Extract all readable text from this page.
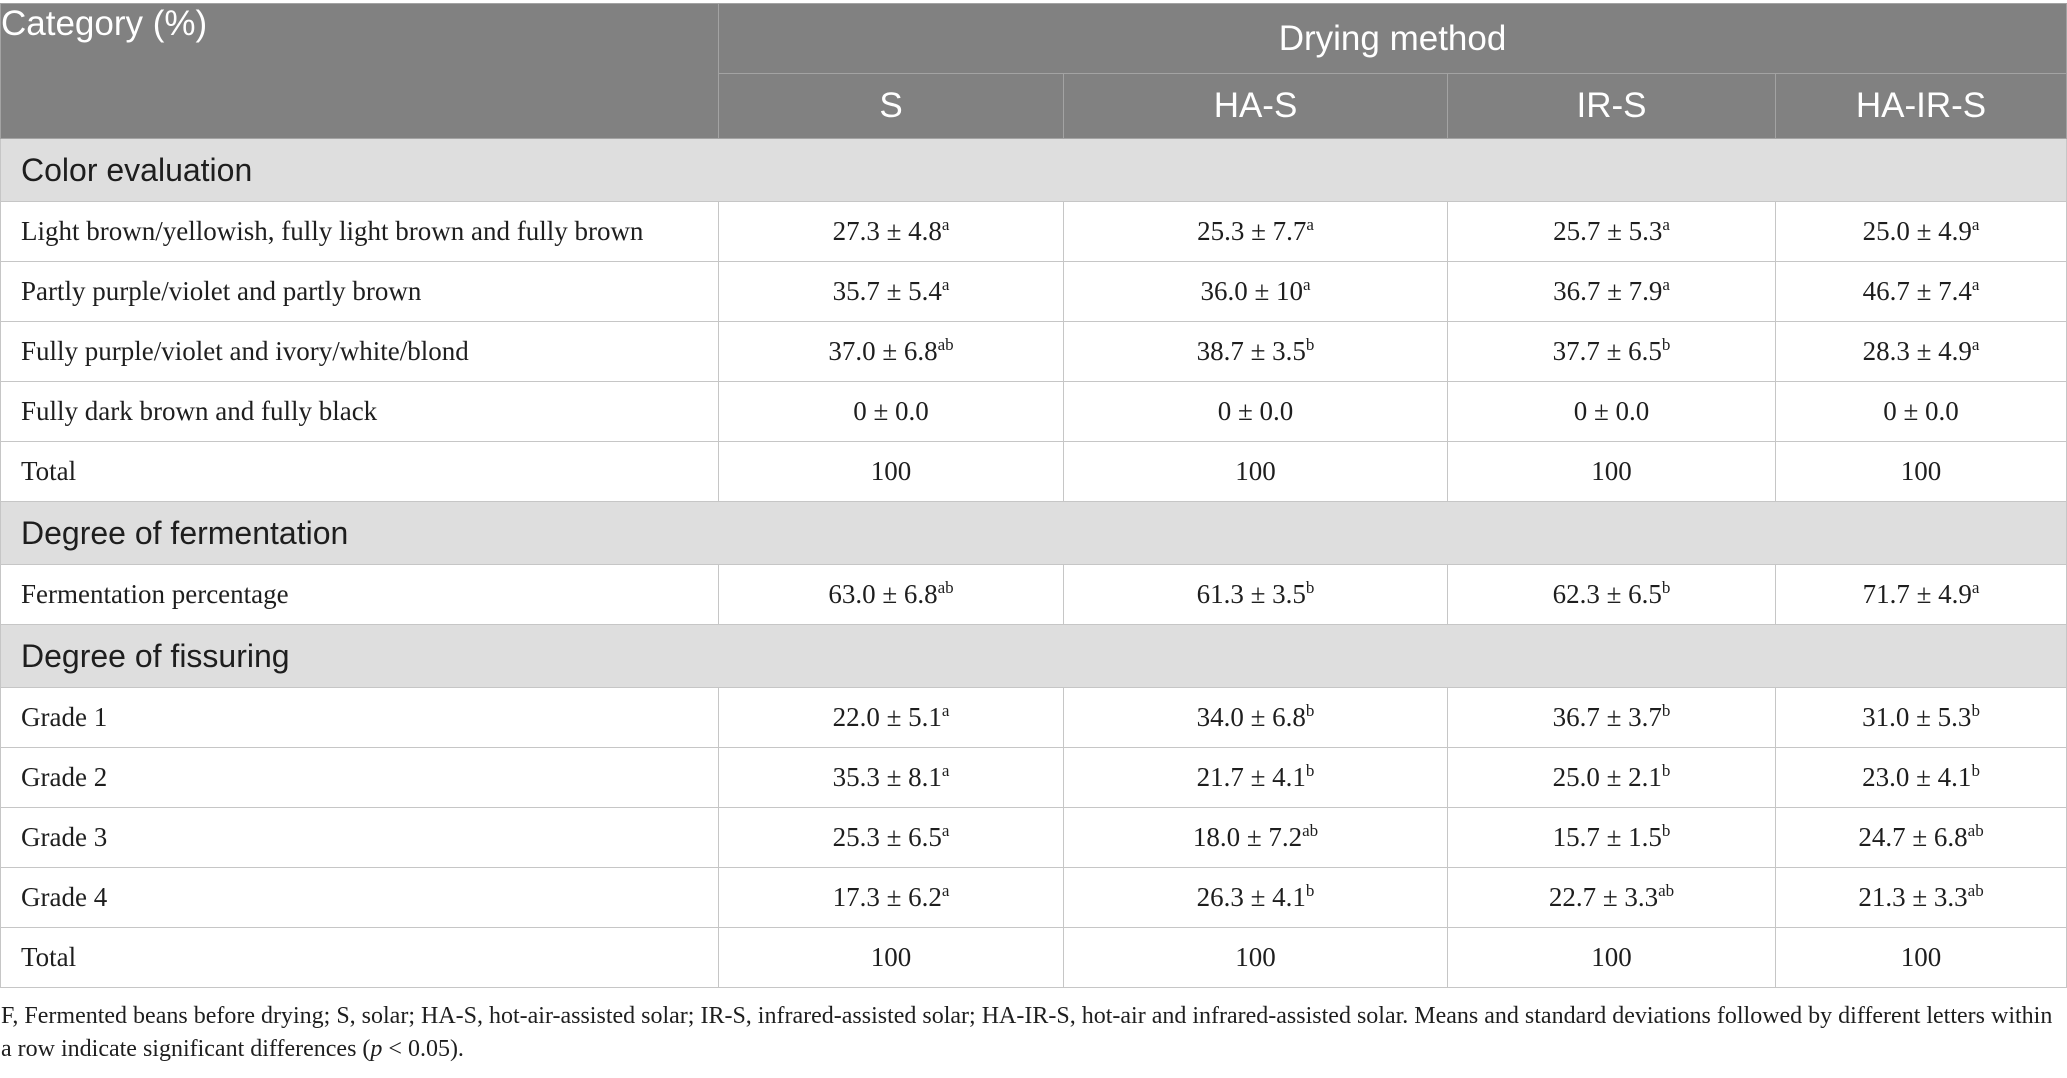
Category (%)	Drying method			
	S	HA-S	IR-S	HA-IR-S
Color evaluation				
Light brown/yellowish, fully light brown and fully brown	27.3 ± 4.8$^a$	25.3 ± 7.7$^a$	25.7 ± 5.3$^a$	25.0 ± 4.9$^a$
Partly purple/violet and partly brown	35.7 ± 5.4$^a$	$36.0 \pm 10^a$	36.7 ± 7.9$^a$	46.7 ± 7.4$^a$
Fully purple/violet and ivory/white/blond	37.0 ± 6.8$^{ab}$	38.7 ± 3.5$^b$	37.7 ± 6.5$^b$	28.3 ± 4.9$^a$
Fully dark brown and fully black	0 ± 0.0	0 ± 0.0	0 ± 0.0	0 ± 0.0
Total	100	100	100	100
Degree of fermentation				
Fermentation percentage	63.0 ± 6.8$^{ab}$	61.3 ± 3.5$^b$	62.3 ± 6.5$^b$	71.7 ± 4.9$^a$
Degree of fissuring				
Grade 1	22.0 ± 5.1$^a$	34.0 ± 6.8$^b$	36.7 ± 3.7$^b$	31.0 ± 5.3$^b$
Grade 2	35.3 ± 8.1$^a$	21.7 ± 4.1$^b$	25.0 ± 2.1$^b$	23.0 ± 4.1$^b$
Grade 3	25.3 ± 6.5$^a$	18.0 ± 7.2$^{ab}$	15.7 ± 1.5$^b$	24.7 ± 6.8$^{ab}$
Grade 4	17.3 ± 6.2$^a$	26.3 ± 4.1$^b$	22.7 ± 3.3$^{ab}$	21.3 ± 3.3$^{ab}$
Total	100	100	100	100
F, Fermented beans before drying; S, solar; HA-S, hot-air-assisted solar; IR-S, infrared-assisted solar; HA-IR-S, hot-air and infrared-assisted solar. Means and standard deviations followed by different letters within a row indicate significant differences (p < 0.05).
